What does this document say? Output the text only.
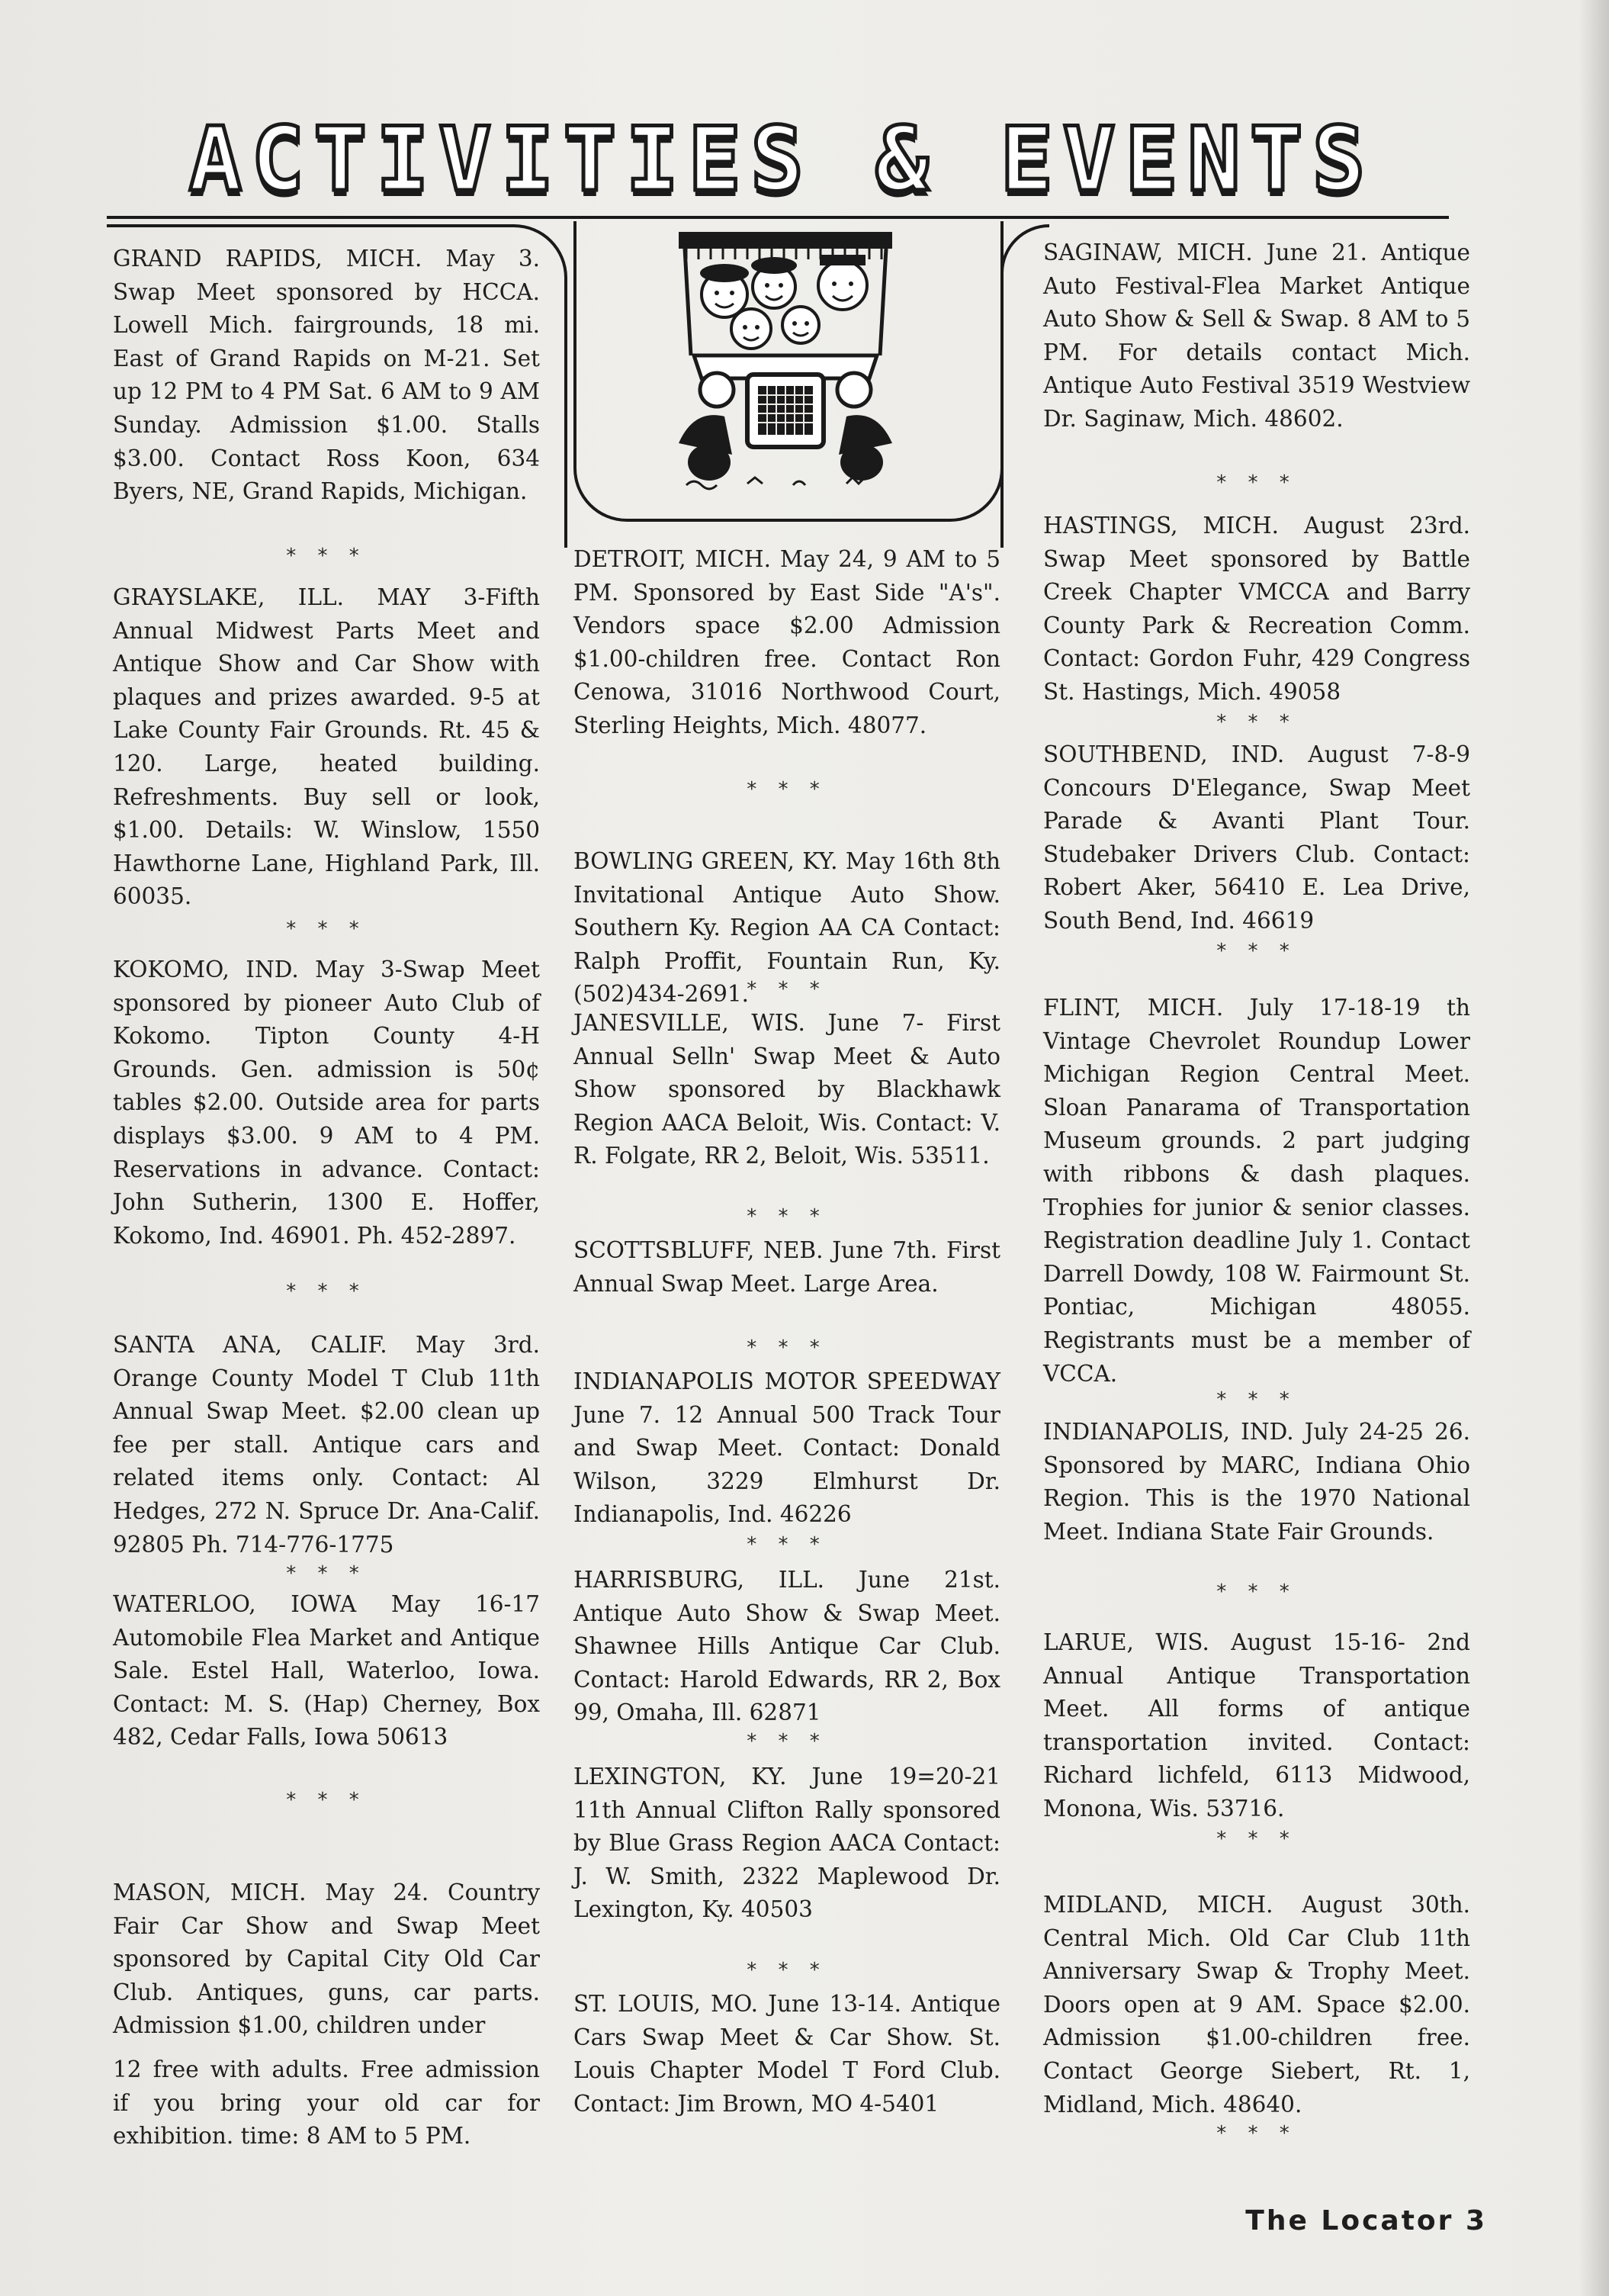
ACTIVITIES & EVENTS

GRAND RAPIDS, MICH. May 3. Swap Meet sponsored by HCCA. Lowell Mich. fairgrounds, 18 mi. East of Grand Rapids on M-21. Set up 12 PM to 4 PM Sat. 6 AM to 9 AM Sunday. Admission $1.00. Stalls $3.00. Contact Ross Koon, 634 Byers, NE, Grand Rapids, Michigan.

* * *

GRAYSLAKE, ILL. MAY 3-Fifth Annual Midwest Parts Meet and Antique Show and Car Show with plaques and prizes awarded. 9-5 at Lake County Fair Grounds. Rt. 45 & 120. Large, heated building. Refreshments. Buy sell or look, $1.00. Details: W. Winslow, 1550 Hawthorne Lane, Highland Park, Ill. 60035.

* * *

KOKOMO, IND. May 3-Swap Meet sponsored by pioneer Auto Club of Kokomo. Tipton County 4-H Grounds. Gen. admission is 50¢ tables $2.00. Outside area for parts displays $3.00. 9 AM to 4 PM. Reservations in advance. Contact: John Sutherin, 1300 E. Hoffer, Kokomo, Ind. 46901. Ph. 452-2897.

* * *

SANTA ANA, CALIF. May 3rd. Orange County Model T Club 11th Annual Swap Meet. $2.00 clean up fee per stall. Antique cars and related items only. Contact: Al Hedges, 272 N. Spruce Dr. Ana-Calif. 92805 Ph. 714-776-1775

* * *

WATERLOO, IOWA May 16-17 Automobile Flea Market and Antique Sale. Estel Hall, Waterloo, Iowa. Contact: M. S. (Hap) Cherney, Box 482, Cedar Falls, Iowa 50613

* * *

MASON, MICH. May 24. Country Fair Car Show and Swap Meet sponsored by Capital City Old Car Club. Antiques, guns, car parts. Admission $1.00, children under

12 free with adults. Free admission if you bring your old car for exhibition. time: 8 AM to 5 PM.

DETROIT, MICH. May 24, 9 AM to 5 PM. Sponsored by East Side "A's". Vendors space $2.00 Admission $1.00-children free. Contact Ron Cenowa, 31016 Northwood Court, Sterling Heights, Mich. 48077.

* * *

BOWLING GREEN, KY. May 16th 8th Invitational Antique Auto Show. Southern Ky. Region AA CA Contact: Ralph Proffit, Fountain Run, Ky. (502)434-2691.

* * *

JANESVILLE, WIS. June 7- First Annual Selln' Swap Meet & Auto Show sponsored by Blackhawk Region AACA Beloit, Wis. Contact: V. R. Folgate, RR 2, Beloit, Wis. 53511.

* * *

SCOTTSBLUFF, NEB. June 7th. First Annual Swap Meet. Large Area.

* * *

INDIANAPOLIS MOTOR SPEEDWAY June 7. 12 Annual 500 Track Tour and Swap Meet. Contact: Donald Wilson, 3229 Elmhurst Dr. Indianapolis, Ind. 46226

* * *

HARRISBURG, ILL. June 21st. Antique Auto Show & Swap Meet. Shawnee Hills Antique Car Club. Contact: Harold Edwards, RR 2, Box 99, Omaha, Ill. 62871

* * *

LEXINGTON, KY. June 19=20-21 11th Annual Clifton Rally sponsored by Blue Grass Region AACA Contact: J. W. Smith, 2322 Maplewood Dr. Lexington, Ky. 40503

* * *

ST. LOUIS, MO. June 13-14. Antique Cars Swap Meet & Car Show. St. Louis Chapter Model T Ford Club. Contact: Jim Brown, MO 4-5401

SAGINAW, MICH. June 21. Antique Auto Festival-Flea Market Antique Auto Show & Sell & Swap. 8 AM to 5 PM. For details contact Mich. Antique Auto Festival 3519 Westview Dr. Saginaw, Mich. 48602.

* * *

HASTINGS, MICH. August 23rd. Swap Meet sponsored by Battle Creek Chapter VMCCA and Barry County Park & Recreation Comm. Contact: Gordon Fuhr, 429 Congress St. Hastings, Mich. 49058

* * *

SOUTHBEND, IND. August 7-8-9 Concours D'Elegance, Swap Meet Parade & Avanti Plant Tour. Studebaker Drivers Club. Contact: Robert Aker, 56410 E. Lea Drive, South Bend, Ind. 46619

* * *

FLINT, MICH. July 17-18-19 th Vintage Chevrolet Roundup Lower Michigan Region Central Meet. Sloan Panarama of Transportation Museum grounds. 2 part judging with ribbons & dash plaques. Trophies for junior & senior classes. Registration deadline July 1. Contact Darrell Dowdy, 108 W. Fairmount St. Pontiac, Michigan 48055. Registrants must be a member of VCCA.

* * *

INDIANAPOLIS, IND. July 24-25 26. Sponsored by MARC, Indiana Ohio Region. This is the 1970 National Meet. Indiana State Fair Grounds.

* * *

LARUE, WIS. August 15-16- 2nd Annual Antique Transportation Meet. All forms of antique transportation invited. Contact: Richard lichfeld, 6113 Midwood, Monona, Wis. 53716.

* * *

MIDLAND, MICH. August 30th. Central Mich. Old Car Club 11th Anniversary Swap & Trophy Meet. Doors open at 9 AM. Space $2.00. Admission $1.00-children free. Contact George Siebert, Rt. 1, Midland, Mich. 48640.

* * *
The Locator 3
